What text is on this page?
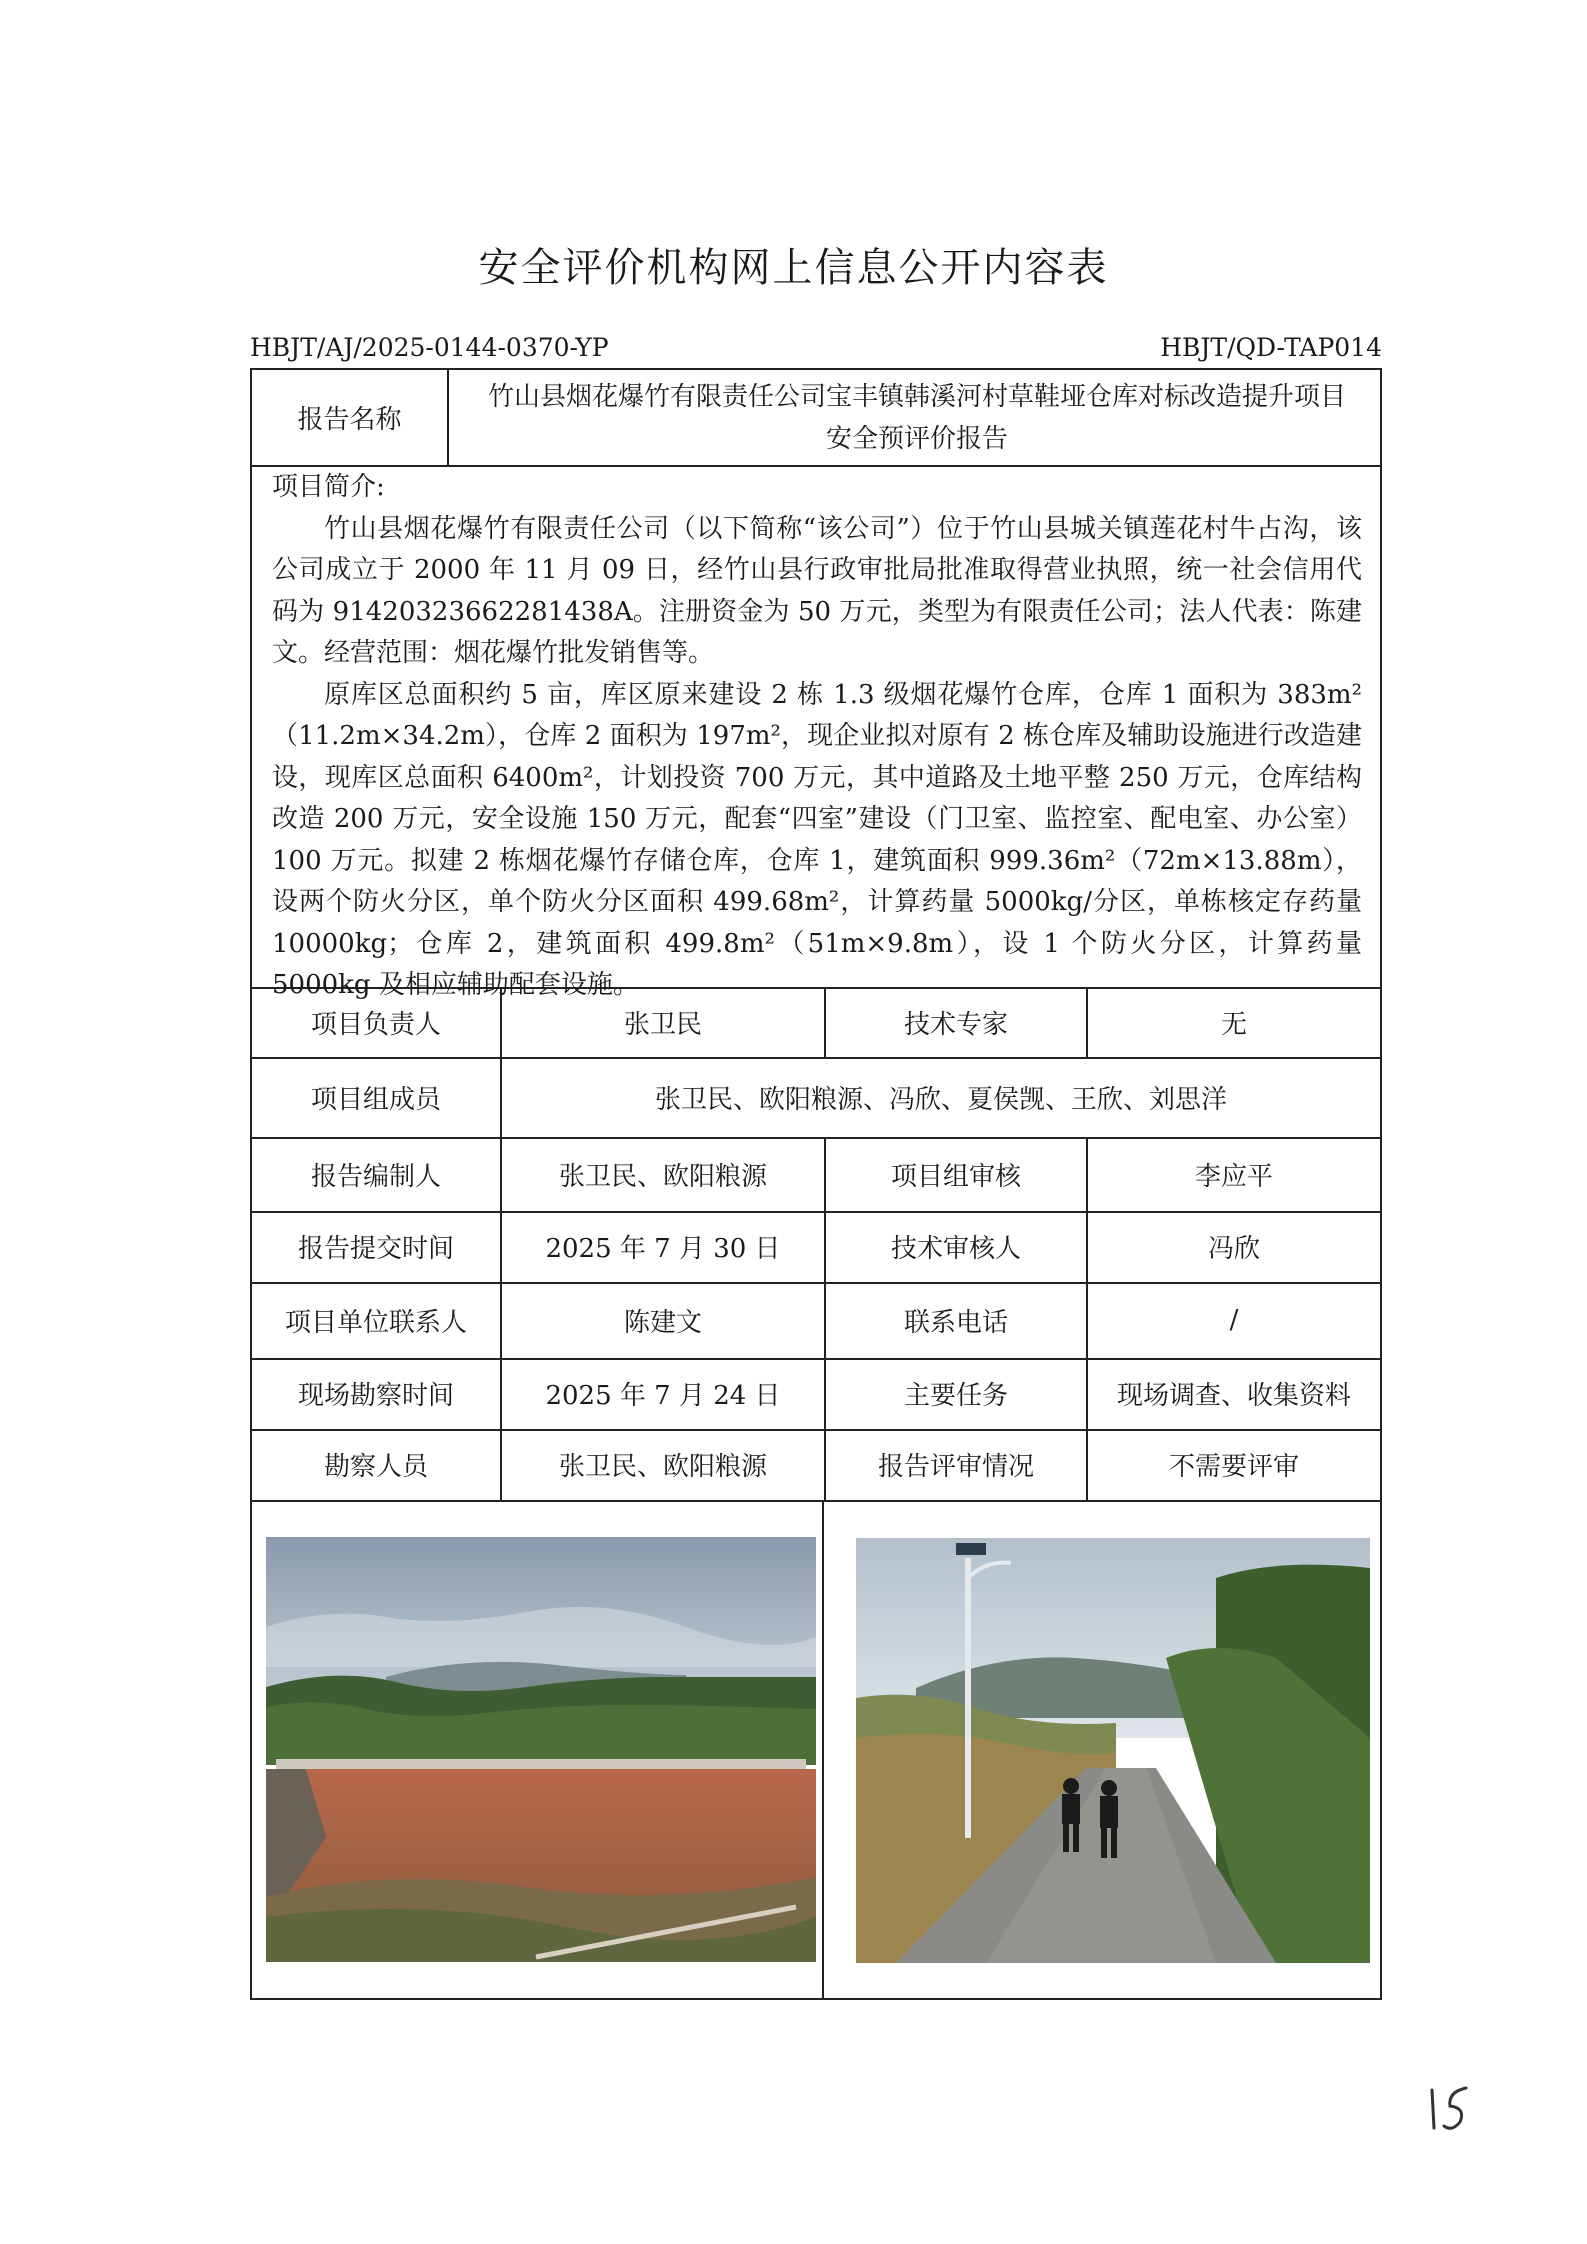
安全评价机构网上信息公开内容表
HBJT/AJ/2025-0144-0370-YP	HBJT/QD-TAP014
报告名称
竹山县烟花爆竹有限责任公司宝丰镇韩溪河村草鞋垭仓库对标改造提升项目
安全预评价报告

项目简介:

竹山县烟花爆竹有限责任公司（以下简称“该公司”）位于竹山县城关镇莲花村牛占沟，该公司成立于 2000 年 11 月 09 日，经竹山县行政审批局批准取得营业执照，统一社会信用代码为 91420323662281438A。注册资金为 50 万元，类型为有限责任公司；法人代表：陈建文。经营范围：烟花爆竹批发销售等。

原库区总面积约 5 亩，库区原来建设 2 栋 1.3 级烟花爆竹仓库，仓库 1 面积为 383m²（11.2m×34.2m），仓库 2 面积为 197m²，现企业拟对原有 2 栋仓库及辅助设施进行改造建设，现库区总面积 6400m²，计划投资 700 万元，其中道路及土地平整 250 万元，仓库结构改造 200 万元，安全设施 150 万元，配套“四室”建设（门卫室、监控室、配电室、办公室）100 万元。拟建 2 栋烟花爆竹存储仓库，仓库 1，建筑面积 999.36m²（72m×13.88m），设两个防火分区，单个防火分区面积 499.68m²，计算药量 5000kg/分区，单栋核定存药量 10000kg；仓库 2，建筑面积 499.8m²（51m×9.8m），设 1 个防火分区，计算药量 5000kg 及相应辅助配套设施。

项目负责人	张卫民	技术专家	无
项目组成员	张卫民、欧阳粮源、冯欣、夏侯觊、王欣、刘思洋
报告编制人	张卫民、欧阳粮源	项目组审核	李应平
报告提交时间	2025 年 7 月 30 日	技术审核人	冯欣
项目单位联系人	陈建文	联系电话	/
现场勘察时间	2025 年 7 月 24 日	主要任务	现场调查、收集资料
勘察人员	张卫民、欧阳粮源	报告评审情况	不需要评审
